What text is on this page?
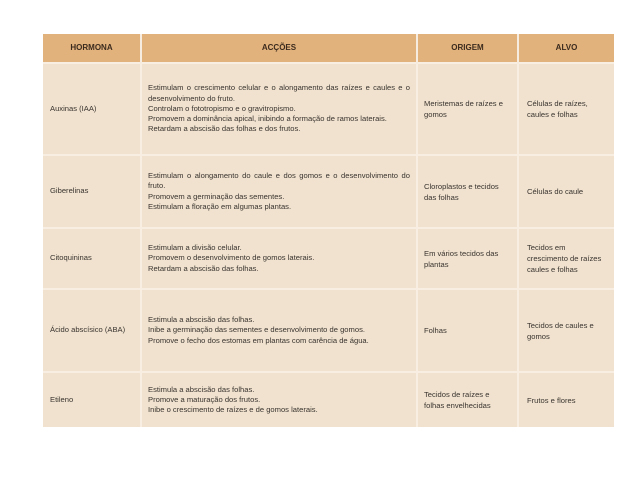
HORMONA	ACÇÕES	ORIGEM	ALVO
Auxinas (IAA)	Estimulam o crescimento celular e o alongamento das raízes e caules e o desenvolvimento do fruto.
Controlam o fototropismo e o gravitropismo.
Promovem a dominância apical, inibindo a formação de ramos laterais.
Retardam a abscisão das folhas e dos frutos.	Meristemas de raízes e gomos	Células de raízes, caules e folhas
Giberelinas	Estimulam o alongamento do caule e dos gomos e o desenvolvimento do fruto.
Promovem a germinação das sementes.
Estimulam a floração em algumas plantas.	Cloroplastos e tecidos das folhas	Células do caule
Citoquininas	Estimulam a divisão celular.
Promovem o desenvolvimento de gomos laterais.
Retardam a abscisão das folhas.	Em vários tecidos das plantas	Tecidos em crescimento de raízes caules e folhas
Ácido abscísico (ABA)	Estimula a abscisão das folhas.
Inibe a germinação das sementes e desenvolvimento de gomos.
Promove o fecho dos estomas em plantas com carência de água.	Folhas	Tecidos de caules e gomos
Etileno	Estimula a abscisão das folhas.
Promove a maturação dos frutos.
Inibe o crescimento de raízes e de gomos laterais.	Tecidos de raízes e folhas envelhecidas	Frutos e flores
